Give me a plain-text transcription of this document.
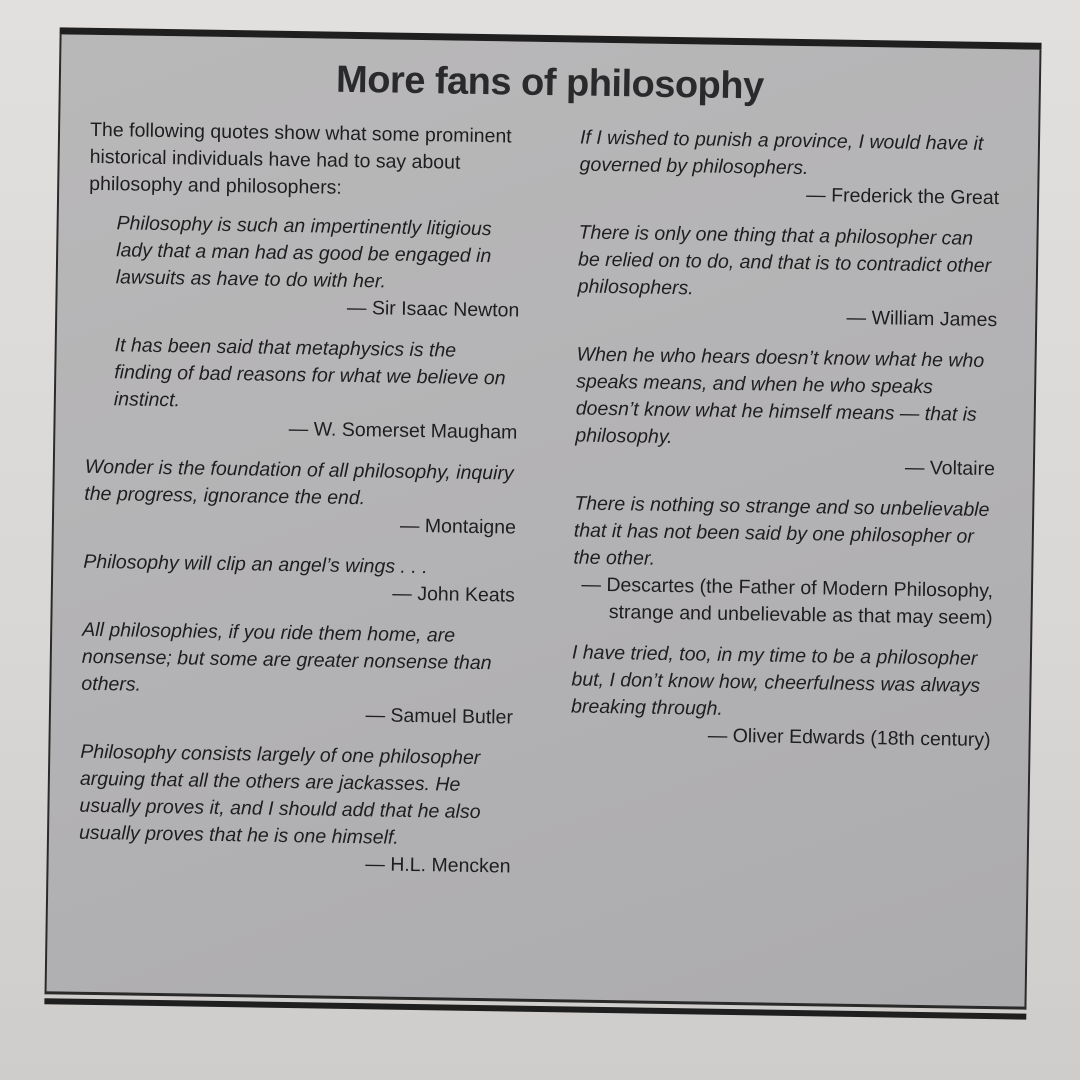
More fans of philosophy

The following quotes show what some prominent historical individuals have had to say about philosophy and philosophers:

Philosophy is such an impertinently litigious lady that a man had as good be engaged in lawsuits as have to do with her.
— Sir Isaac Newton
It has been said that metaphysics is the finding of bad reasons for what we believe on instinct.
— W. Somerset Maugham
Wonder is the foundation of all philosophy, inquiry the progress, ignorance the end.
— Montaigne
Philosophy will clip an angel’s wings . . .
— John Keats
All philosophies, if you ride them home, are nonsense; but some are greater nonsense than others.
— Samuel Butler
Philosophy consists largely of one philosopher arguing that all the others are jackasses. He usually proves it, and I should add that he also usually proves that he is one himself.
— H.L. Mencken
If I wished to punish a province, I would have it governed by philosophers.
— Frederick the Great
There is only one thing that a philosopher can be relied on to do, and that is to contradict other philosophers.
— William James
When he who hears doesn’t know what he who speaks means, and when he who speaks doesn’t know what he himself means — that is philosophy.
— Voltaire
There is nothing so strange and so unbelievable that it has not been said by one philosopher or the other.
— Descartes (the Father of Modern Philosophy, strange and unbelievable as that may seem)
I have tried, too, in my time to be a philosopher but, I don’t know how, cheerfulness was always breaking through.
— Oliver Edwards (18th century)
